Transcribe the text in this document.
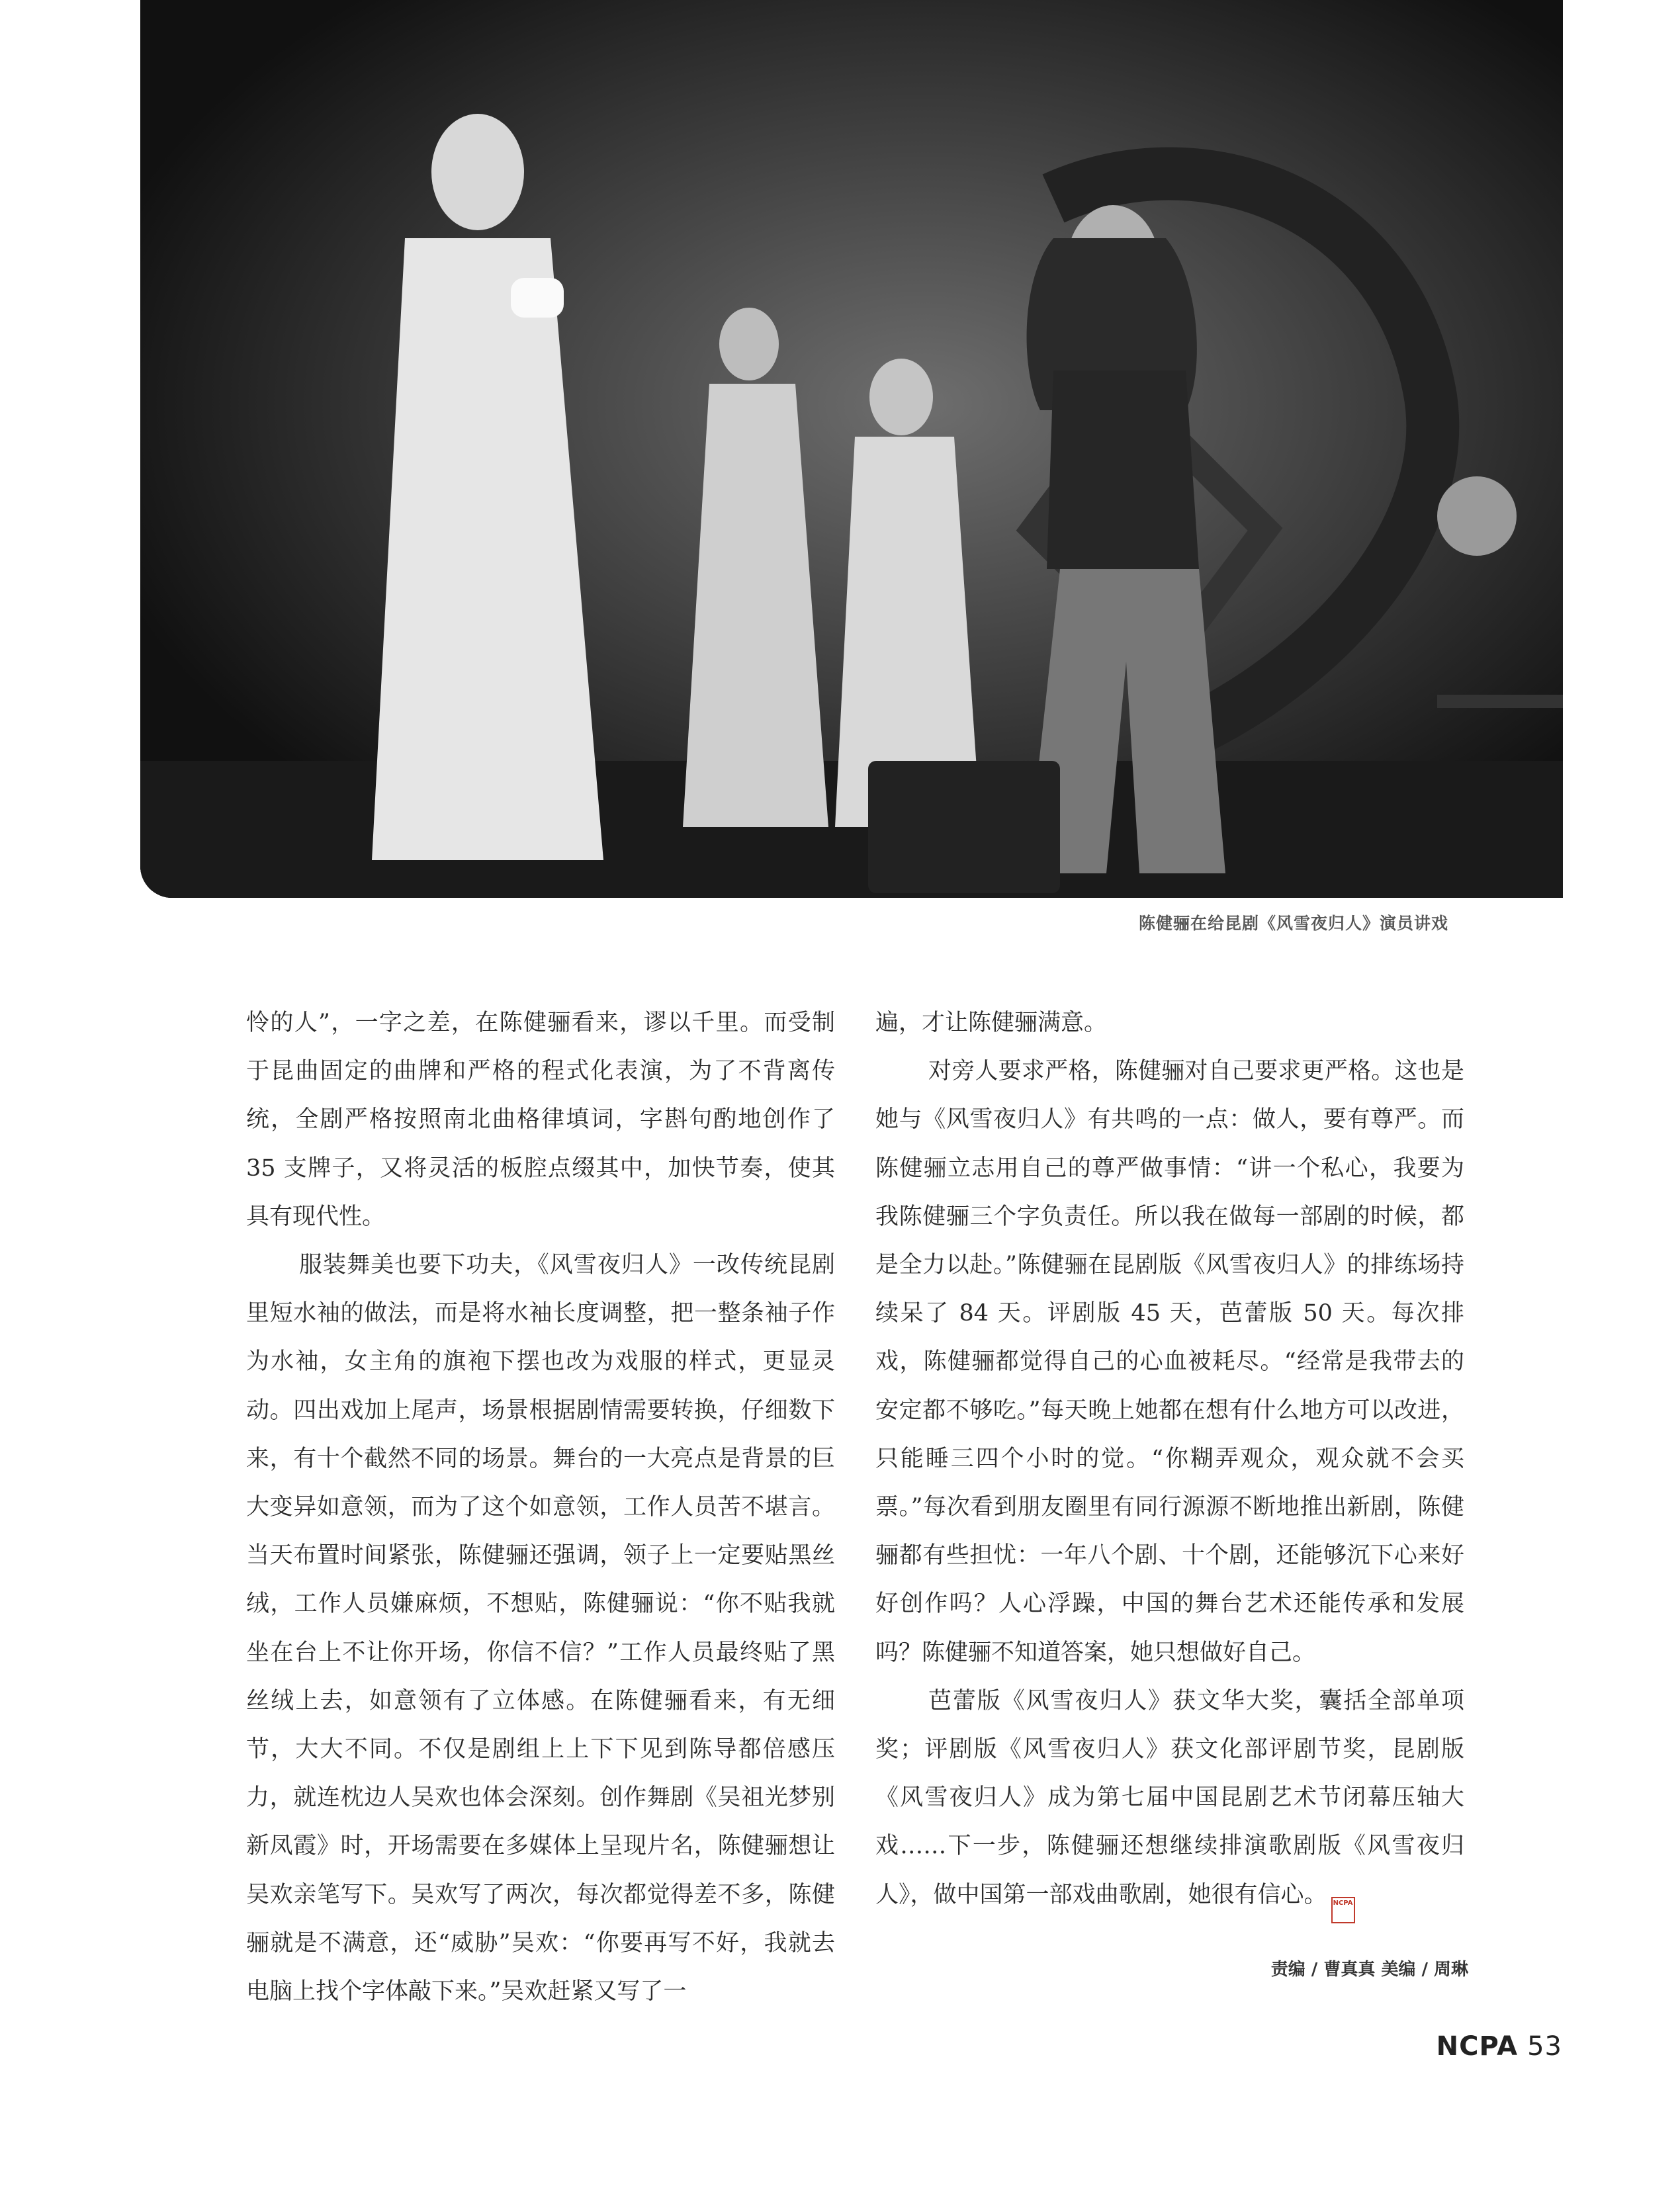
陈健骊在给昆剧《风雪夜归人》演员讲戏

怜的人”，一字之差，在陈健骊看来，谬以千里。而受制于昆曲固定的曲牌和严格的程式化表演，为了不背离传统，全剧严格按照南北曲格律填词，字斟句酌地创作了 35 支牌子，又将灵活的板腔点缀其中，加快节奏，使其具有现代性。

服装舞美也要下功夫，《风雪夜归人》一改传统昆剧里短水袖的做法，而是将水袖长度调整，把一整条袖子作为水袖，女主角的旗袍下摆也改为戏服的样式，更显灵动。四出戏加上尾声，场景根据剧情需要转换，仔细数下来，有十个截然不同的场景。舞台的一大亮点是背景的巨大变异如意领，而为了这个如意领，工作人员苦不堪言。当天布置时间紧张，陈健骊还强调，领子上一定要贴黑丝绒，工作人员嫌麻烦，不想贴，陈健骊说：“你不贴我就坐在台上不让你开场，你信不信？”工作人员最终贴了黑丝绒上去，如意领有了立体感。在陈健骊看来，有无细节，大大不同。不仅是剧组上上下下见到陈导都倍感压力，就连枕边人吴欢也体会深刻。创作舞剧《吴祖光梦别新凤霞》时，开场需要在多媒体上呈现片名，陈健骊想让吴欢亲笔写下。吴欢写了两次，每次都觉得差不多，陈健骊就是不满意，还“威胁”吴欢：“你要再写不好，我就去电脑上找个字体敲下来。”吴欢赶紧又写了一

遍，才让陈健骊满意。

对旁人要求严格，陈健骊对自己要求更严格。这也是她与《风雪夜归人》有共鸣的一点：做人，要有尊严。而陈健骊立志用自己的尊严做事情：“讲一个私心，我要为我陈健骊三个字负责任。所以我在做每一部剧的时候，都是全力以赴。”陈健骊在昆剧版《风雪夜归人》的排练场持续呆了 84 天。评剧版 45 天，芭蕾版 50 天。每次排戏，陈健骊都觉得自己的心血被耗尽。“经常是我带去的安定都不够吃。”每天晚上她都在想有什么地方可以改进，只能睡三四个小时的觉。“你糊弄观众，观众就不会买票。”每次看到朋友圈里有同行源源不断地推出新剧，陈健骊都有些担忧：一年八个剧、十个剧，还能够沉下心来好好创作吗？人心浮躁，中国的舞台艺术还能传承和发展吗？陈健骊不知道答案，她只想做好自己。

芭蕾版《风雪夜归人》获文华大奖，囊括全部单项奖；评剧版《风雪夜归人》获文化部评剧节奖，昆剧版《风雪夜归人》成为第七届中国昆剧艺术节闭幕压轴大戏……下一步，陈健骊还想继续排演歌剧版《风雪夜归人》，做中国第一部戏曲歌剧，她很有信心。 NCPA

责编 / 曹真真 美编 / 周琳
NCPA 53
